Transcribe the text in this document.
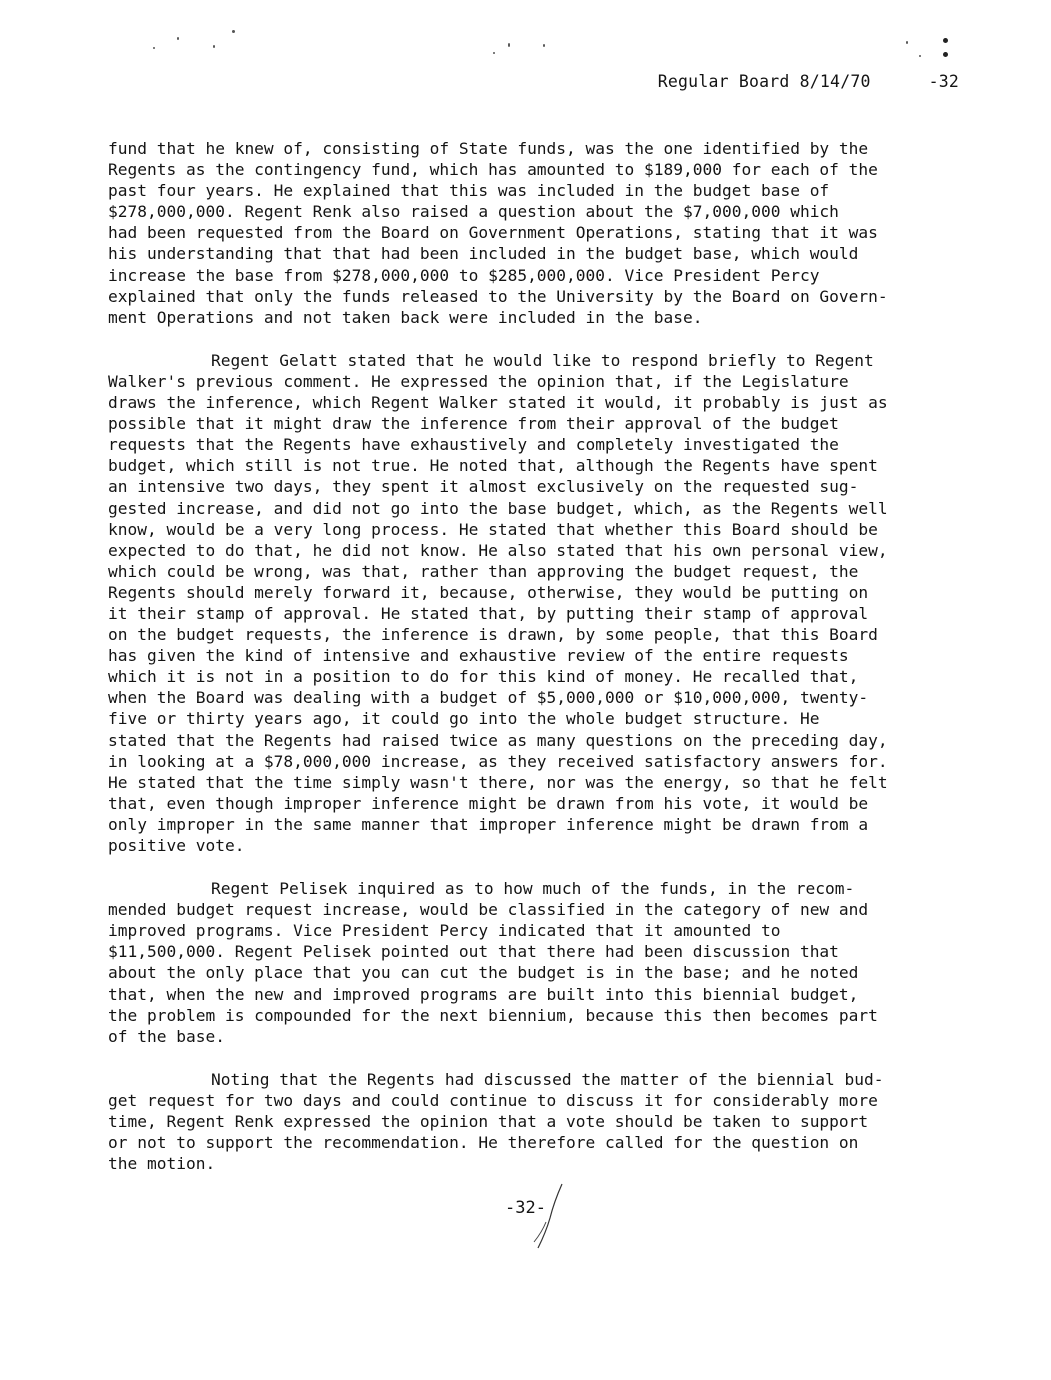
Regular Board 8/14/70	-32
fund that he knew of, consisting of State funds, was the one identified by the
Regents as the contingency fund, which has amounted to $189,000 for each of the
past four years. He explained that this was included in the budget base of
$278,000,000. Regent Renk also raised a question about the $7,000,000 which
had been requested from the Board on Government Operations, stating that it was
his understanding that that had been included in the budget base, which would
increase the base from $278,000,000 to $285,000,000. Vice President Percy
explained that only the funds released to the University by the Board on Govern-
ment Operations and not taken back were included in the base.
Regent Gelatt stated that he would like to respond briefly to Regent
Walker's previous comment. He expressed the opinion that, if the Legislature
draws the inference, which Regent Walker stated it would, it probably is just as
possible that it might draw the inference from their approval of the budget
requests that the Regents have exhaustively and completely investigated the
budget, which still is not true. He noted that, although the Regents have spent
an intensive two days, they spent it almost exclusively on the requested sug-
gested increase, and did not go into the base budget, which, as the Regents well
know, would be a very long process. He stated that whether this Board should be
expected to do that, he did not know. He also stated that his own personal view,
which could be wrong, was that, rather than approving the budget request, the
Regents should merely forward it, because, otherwise, they would be putting on
it their stamp of approval. He stated that, by putting their stamp of approval
on the budget requests, the inference is drawn, by some people, that this Board
has given the kind of intensive and exhaustive review of the entire requests
which it is not in a position to do for this kind of money. He recalled that,
when the Board was dealing with a budget of $5,000,000 or $10,000,000, twenty-
five or thirty years ago, it could go into the whole budget structure. He
stated that the Regents had raised twice as many questions on the preceding day,
in looking at a $78,000,000 increase, as they received satisfactory answers for.
He stated that the time simply wasn't there, nor was the energy, so that he felt
that, even though improper inference might be drawn from his vote, it would be
only improper in the same manner that improper inference might be drawn from a
positive vote.
Regent Pelisek inquired as to how much of the funds, in the recom-
mended budget request increase, would be classified in the category of new and
improved programs. Vice President Percy indicated that it amounted to
$11,500,000. Regent Pelisek pointed out that there had been discussion that
about the only place that you can cut the budget is in the base; and he noted
that, when the new and improved programs are built into this biennial budget,
the problem is compounded for the next biennium, because this then becomes part
of the base.
Noting that the Regents had discussed the matter of the biennial bud-
get request for two days and could continue to discuss it for considerably more
time, Regent Renk expressed the opinion that a vote should be taken to support
or not to support the recommendation. He therefore called for the question on
the motion.
-32-
